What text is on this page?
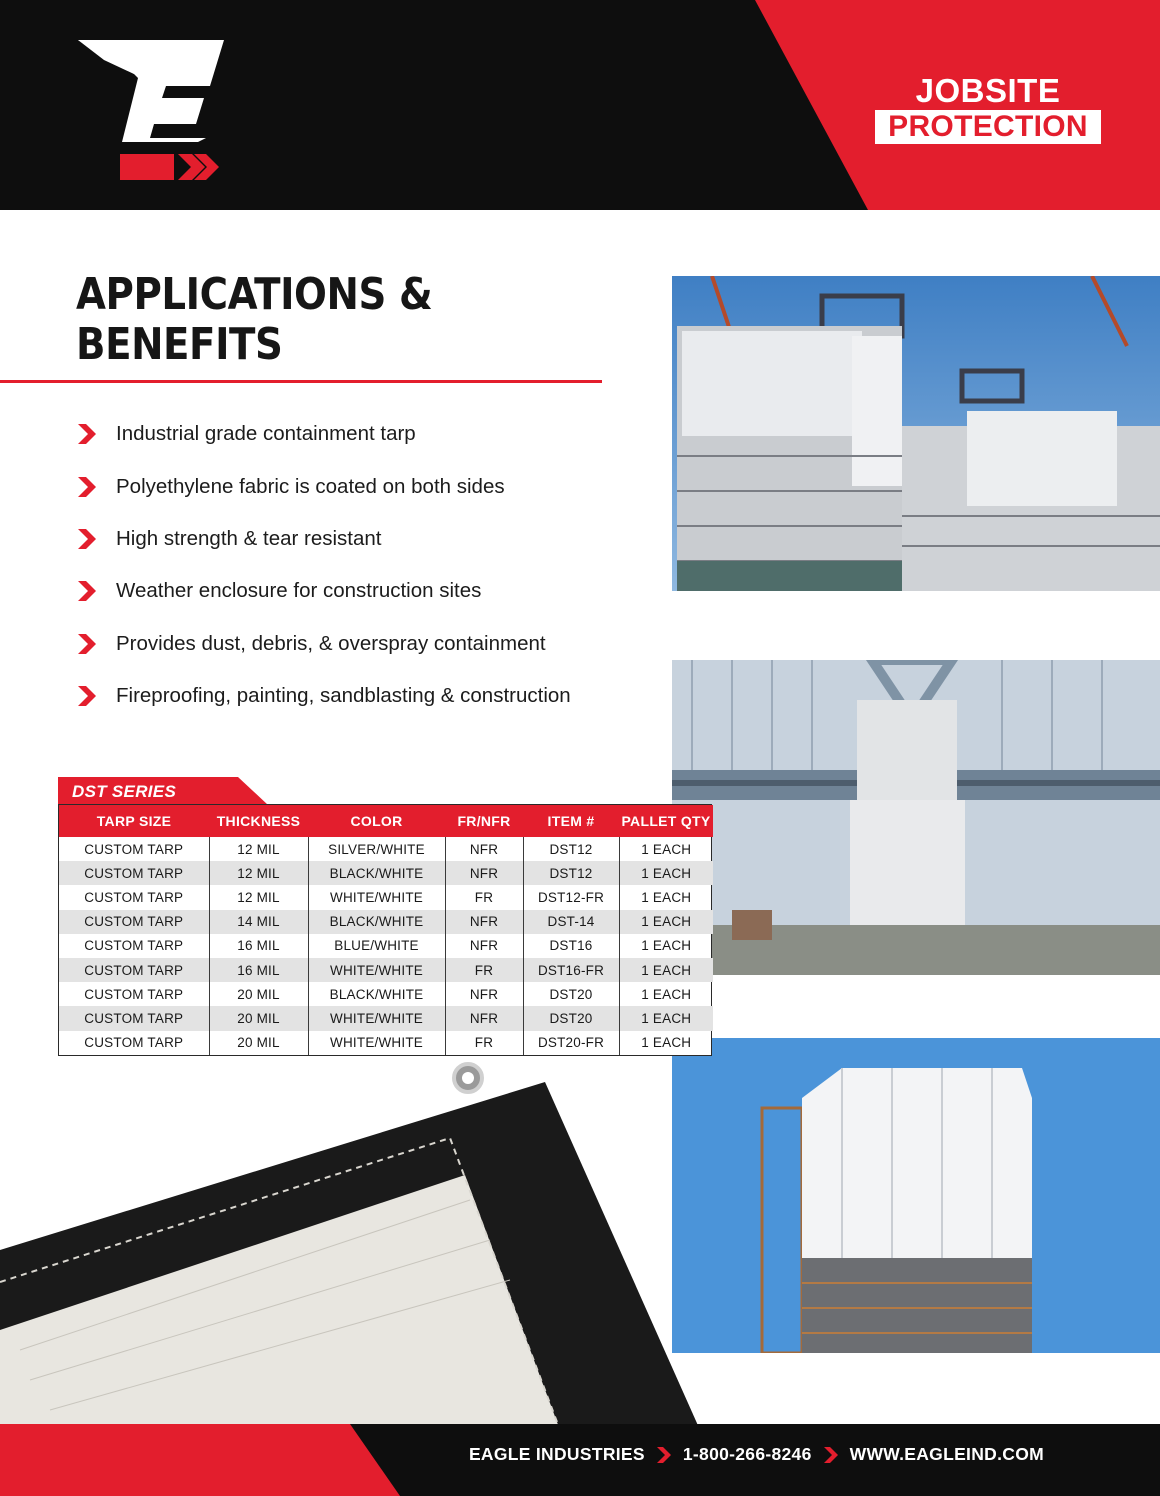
JOBSITE
PROTECTION
APPLICATIONS &
BENEFITS
Industrial grade containment tarp
Polyethylene fabric is coated on both sides
High strength & tear resistant
Weather enclosure for construction sites
Provides dust, debris, & overspray containment
Fireproofing, painting, sandblasting & construction
DST SERIES
TARP SIZE	THICKNESS	COLOR	FR/NFR	ITEM #	PALLET QTY
CUSTOM TARP	12 MIL	SILVER/WHITE	NFR	DST12	1 EACH
CUSTOM TARP	12 MIL	BLACK/WHITE	NFR	DST12	1 EACH
CUSTOM TARP	12 MIL	WHITE/WHITE	FR	DST12-FR	1 EACH
CUSTOM TARP	14 MIL	BLACK/WHITE	NFR	DST-14	1 EACH
CUSTOM TARP	16 MIL	BLUE/WHITE	NFR	DST16	1 EACH
CUSTOM TARP	16 MIL	WHITE/WHITE	FR	DST16-FR	1 EACH
CUSTOM TARP	20 MIL	BLACK/WHITE	NFR	DST20	1 EACH
CUSTOM TARP	20 MIL	WHITE/WHITE	NFR	DST20	1 EACH
CUSTOM TARP	20 MIL	WHITE/WHITE	FR	DST20-FR	1 EACH
EAGLE INDUSTRIES 1-800-266-8246 WWW.EAGLEIND.COM
